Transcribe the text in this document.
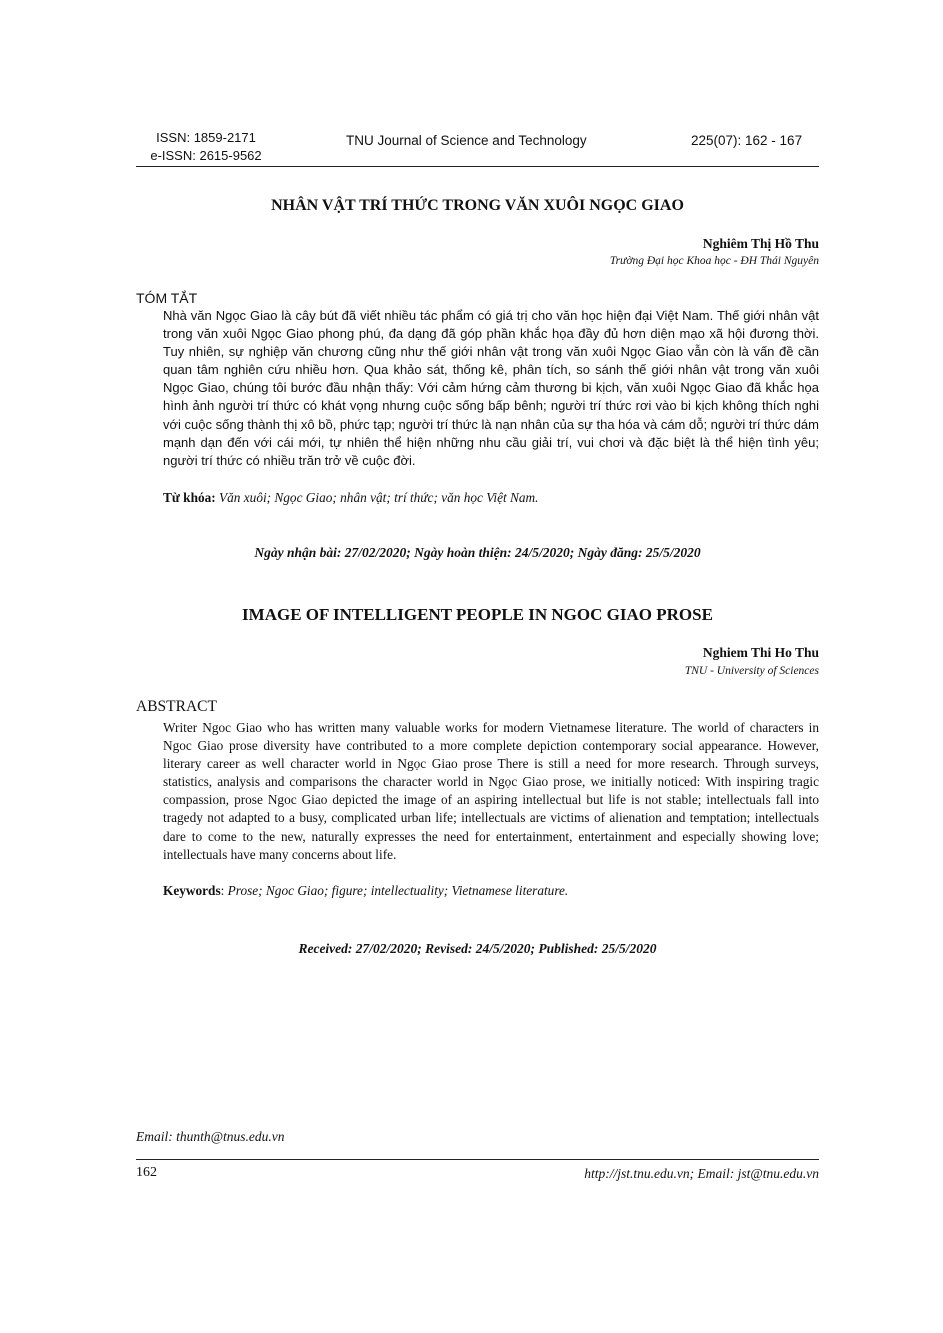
ISSN: 1859-2171
e-ISSN: 2615-9562
TNU Journal of Science and Technology	225(07): 162 - 167
NHÂN VẬT TRÍ THỨC TRONG VĂN XUÔI NGỌC GIAO
Nghiêm Thị Hồ Thu
Trường Đại học Khoa học - ĐH Thái Nguyên
TÓM TẮT
Nhà văn Ngọc Giao là cây bút đã viết nhiều tác phẩm có giá trị cho văn học hiện đại Việt Nam. Thế giới nhân vật trong văn xuôi Ngọc Giao phong phú, đa dạng đã góp phần khắc họa đầy đủ hơn diện mạo xã hội đương thời. Tuy nhiên, sự nghiệp văn chương cũng như thế giới nhân vật trong văn xuôi Ngọc Giao vẫn còn là vấn đề cần quan tâm nghiên cứu nhiều hơn. Qua khảo sát, thống kê, phân tích, so sánh thế giới nhân vật trong văn xuôi Ngọc Giao, chúng tôi bước đầu nhận thấy: Với cảm hứng cảm thương bi kịch, văn xuôi Ngọc Giao đã khắc họa hình ảnh người trí thức có khát vọng nhưng cuộc sống bấp bênh; người trí thức rơi vào bi kịch không thích nghi với cuộc sống thành thị xô bồ, phức tạp; người trí thức là nạn nhân của sự tha hóa và cám dỗ; người trí thức dám mạnh dạn đến với cái mới, tự nhiên thể hiện những nhu cầu giải trí, vui chơi và đặc biệt là thể hiện tình yêu; người trí thức có nhiều trăn trở về cuộc đời.
Từ khóa: Văn xuôi; Ngọc Giao; nhân vật; trí thức; văn học Việt Nam.
Ngày nhận bài: 27/02/2020; Ngày hoàn thiện: 24/5/2020; Ngày đăng: 25/5/2020
IMAGE OF INTELLIGENT PEOPLE IN NGOC GIAO PROSE
Nghiem Thi Ho Thu
TNU - University of Sciences
ABSTRACT
Writer Ngoc Giao who has written many valuable works for modern Vietnamese literature. The world of characters in Ngoc Giao prose diversity have contributed to a more complete depiction contemporary social appearance. However, literary career as well character world in Ngọc Giao prose There is still a need for more research. Through surveys, statistics, analysis and comparisons the character world in Ngọc Giao prose, we initially noticed: With inspiring tragic compassion, prose Ngoc Giao depicted the image of an aspiring intellectual but life is not stable; intellectuals fall into tragedy not adapted to a busy, complicated urban life; intellectuals are victims of alienation and temptation; intellectuals dare to come to the new, naturally expresses the need for entertainment, entertainment and especially showing love; intellectuals have many concerns about life.
Keywords: Prose; Ngoc Giao; figure; intellectuality; Vietnamese literature.
Received: 27/02/2020; Revised: 24/5/2020; Published: 25/5/2020
Email: thunth@tnus.edu.vn
162	http://jst.tnu.edu.vn; Email: jst@tnu.edu.vn
